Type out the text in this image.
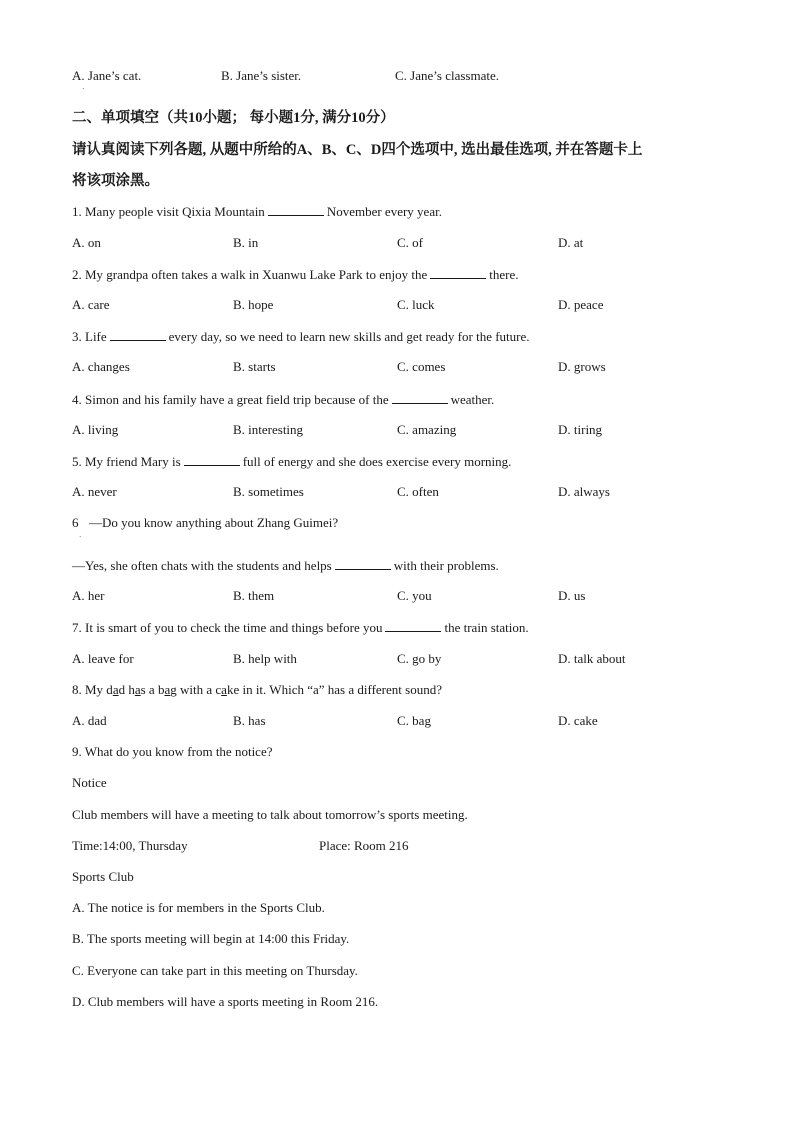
A. Jane’s cat.
·
B. Jane’s sister.	C. Jane’s classmate.
二、单项填空（共10小题； 每小题1分, 满分10分）
请认真阅读下列各题, 从题中所给的A、B、C、D四个选项中, 选出最佳选项, 并在答题卡上
将该项涂黑。
1. Many people visit Qixia Mountain	November every year.
A. on	B. in	C. of	D. at
2. My grandpa often takes a walk in Xuanwu Lake Park to enjoy the	there.
A. care	B. hope	C. luck	D. peace
3. Life	every day, so we need to learn new skills and get ready for the future.
A. changes	B. starts	C. comes	D. grows
4. Simon and his family have a great field trip because of the	weather.
A. living	B. interesting	C. amazing	D. tiring
5. My friend Mary is	full of energy and she does exercise every morning.
A. never	B. sometimes	C. often	D. always
6
·
—Do you know anything about Zhang Guimei?
—Yes, she often chats with the students and helps	with their problems.
A. her	B. them	C. you	D. us
7. It is smart of you to check the time and things before you	the train station.
A. leave for	B. help with	C. go by	D. talk about
8. My dad has a bag with a cake in it. Which “a” has a different sound?
A. dad	B. has	C. bag	D. cake
9. What do you know from the notice?
Notice
Club members will have a meeting to talk about tomorrow’s sports meeting.
Time:14:00, Thursday	Place: Room 216
Sports Club
A. The notice is for members in the Sports Club.
B. The sports meeting will begin at 14:00 this Friday.
C. Everyone can take part in this meeting on Thursday.
D. Club members will have a sports meeting in Room 216.
